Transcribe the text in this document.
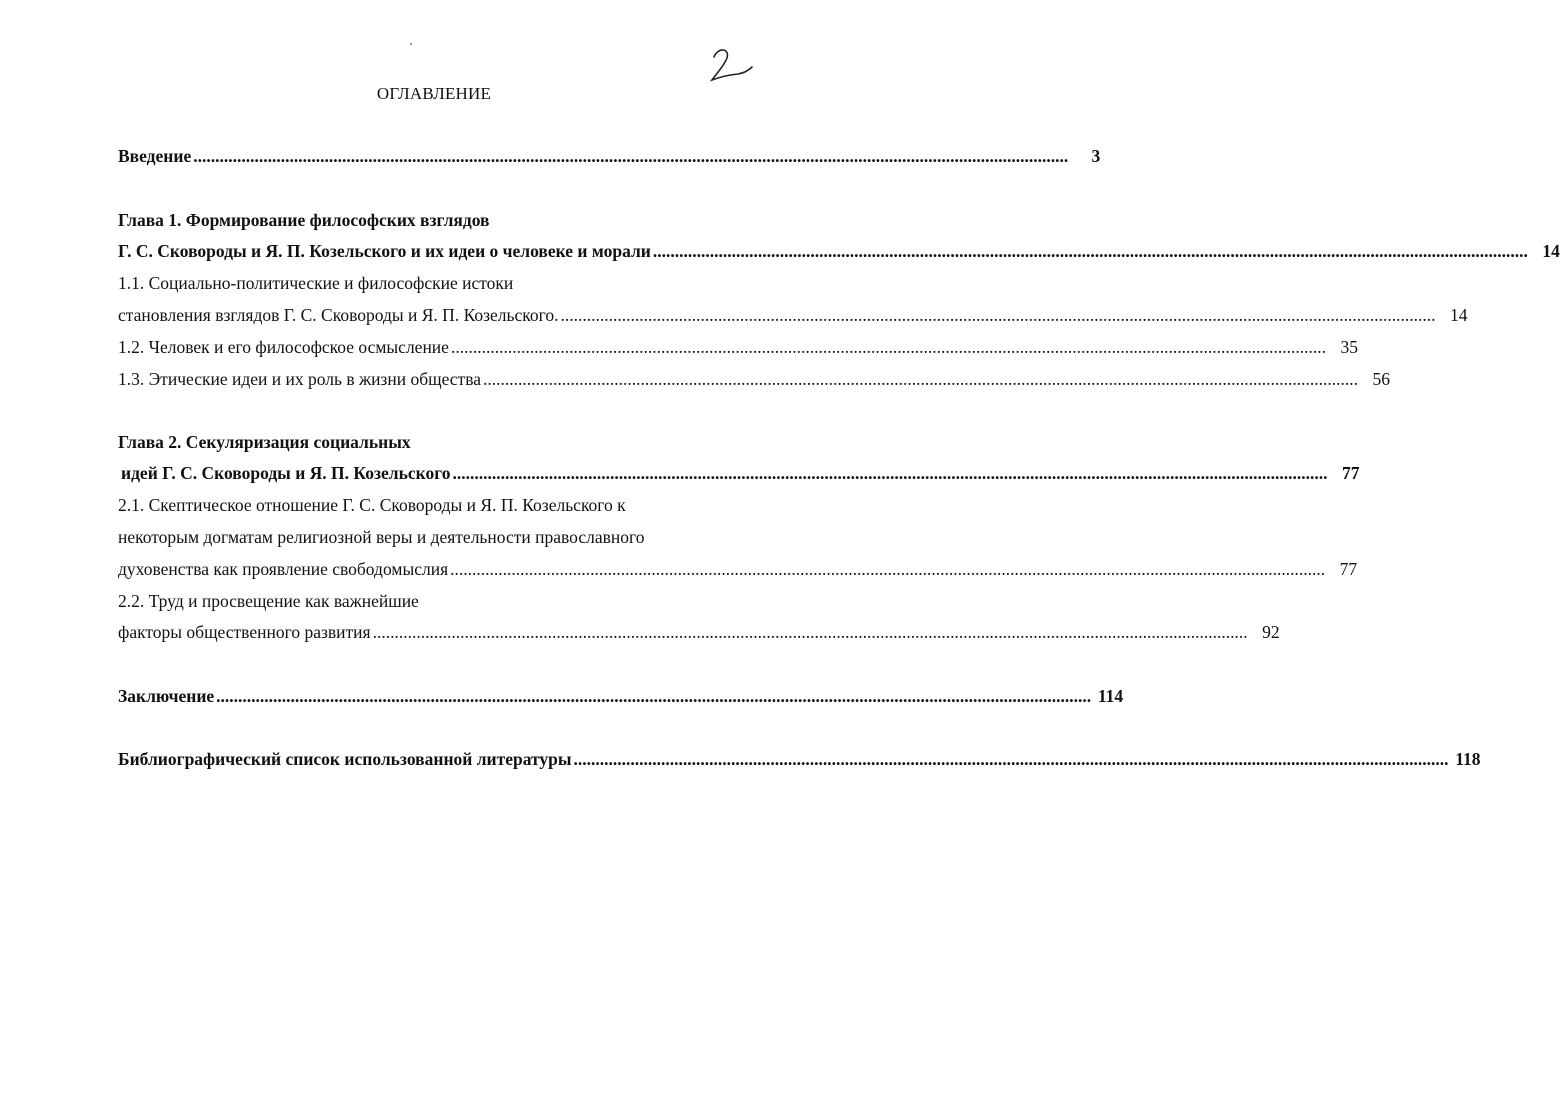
ОГЛАВЛЕНИЕ
Введение ........................................................................................................................................................................................................	3
Глава 1. Формирование философских взглядов
Г. С. Сковороды и Я. П. Козельского и их идеи о человеке и морали ........................................................................................................................................................................................................ 14
1.1. Социально-политические и философские истоки
становления взглядов Г. С. Сковороды и Я. П. Козельского. ........................................................................................................................................................................................................ 14
1.2. Человек и его философское осмысление ........................................................................................................................................................................................................ 35
1.3. Этические идеи и их роль в жизни общества ........................................................................................................................................................................................................ 56
Глава 2. Секуляризация социальных
идей Г. С. Сковороды и Я. П. Козельского ........................................................................................................................................................................................................ 77
2.1. Скептическое отношение Г. С. Сковороды и Я. П. Козельского к
некоторым догматам религиозной веры и деятельности православного
духовенства как проявление свободомыслия ........................................................................................................................................................................................................ 77
2.2. Труд и просвещение как важнейшие
факторы общественного развития ........................................................................................................................................................................................................ 92
Заключение ........................................................................................................................................................................................................ 114
Библиографический список использованной литературы ........................................................................................................................................................................................................ 118
